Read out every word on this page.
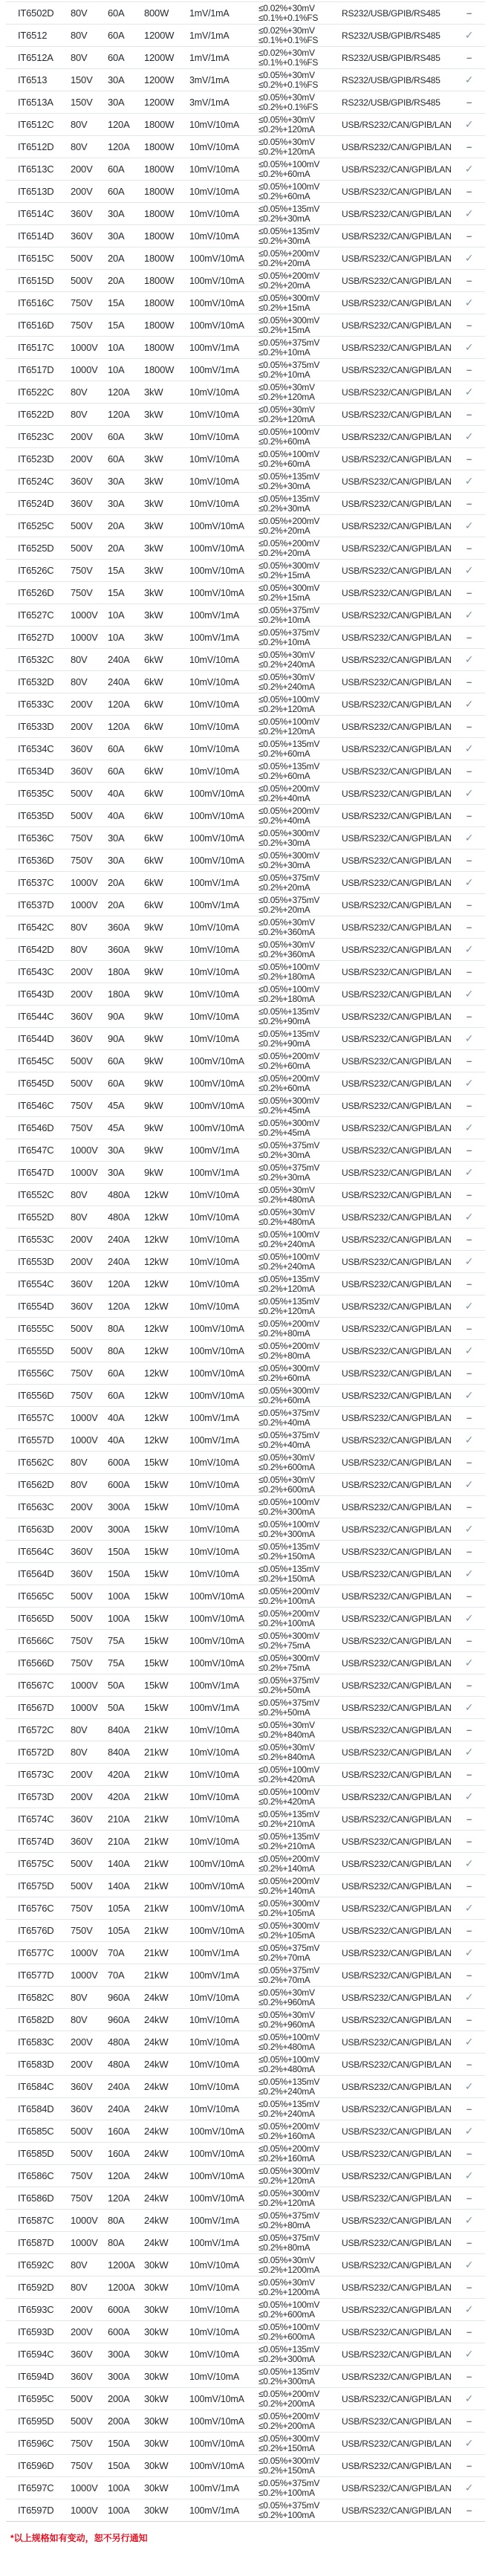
IT6502D	80V	60A	800W	1mV/1mA	≤0.02%+30mV
≤0.1%+0.1%FS	RS232/USB/GPIB/RS485	–
IT6512	80V	60A	1200W	1mV/1mA	≤0.02%+30mV
≤0.1%+0.1%FS	RS232/USB/GPIB/RS485	✓
IT6512A	80V	60A	1200W	1mV/1mA	≤0.02%+30mV
≤0.1%+0.1%FS	RS232/USB/GPIB/RS485	–
IT6513	150V	30A	1200W	3mV/1mA	≤0.05%+30mV
≤0.2%+0.1%FS	RS232/USB/GPIB/RS485	✓
IT6513A	150V	30A	1200W	3mV/1mA	≤0.05%+30mV
≤0.2%+0.1%FS	RS232/USB/GPIB/RS485	–
IT6512C	80V	120A	1800W	10mV/10mA	≤0.05%+30mV
≤0.2%+120mA	USB/RS232/CAN/GPIB/LAN	✓
IT6512D	80V	120A	1800W	10mV/10mA	≤0.05%+30mV
≤0.2%+120mA	USB/RS232/CAN/GPIB/LAN	–
IT6513C	200V	60A	1800W	10mV/10mA	≤0.05%+100mV
≤0.2%+60mA	USB/RS232/CAN/GPIB/LAN	✓
IT6513D	200V	60A	1800W	10mV/10mA	≤0.05%+100mV
≤0.2%+60mA	USB/RS232/CAN/GPIB/LAN	–
IT6514C	360V	30A	1800W	10mV/10mA	≤0.05%+135mV
≤0.2%+30mA	USB/RS232/CAN/GPIB/LAN	✓
IT6514D	360V	30A	1800W	10mV/10mA	≤0.05%+135mV
≤0.2%+30mA	USB/RS232/CAN/GPIB/LAN	–
IT6515C	500V	20A	1800W	100mV/10mA	≤0.05%+200mV
≤0.2%+20mA	USB/RS232/CAN/GPIB/LAN	✓
IT6515D	500V	20A	1800W	100mV/10mA	≤0.05%+200mV
≤0.2%+20mA	USB/RS232/CAN/GPIB/LAN	–
IT6516C	750V	15A	1800W	100mV/10mA	≤0.05%+300mV
≤0.2%+15mA	USB/RS232/CAN/GPIB/LAN	✓
IT6516D	750V	15A	1800W	100mV/10mA	≤0.05%+300mV
≤0.2%+15mA	USB/RS232/CAN/GPIB/LAN	–
IT6517C	1000V	10A	1800W	100mV/1mA	≤0.05%+375mV
≤0.2%+10mA	USB/RS232/CAN/GPIB/LAN	✓
IT6517D	1000V	10A	1800W	100mV/1mA	≤0.05%+375mV
≤0.2%+10mA	USB/RS232/CAN/GPIB/LAN	–
IT6522C	80V	120A	3kW	10mV/10mA	≤0.05%+30mV
≤0.2%+120mA	USB/RS232/CAN/GPIB/LAN	✓
IT6522D	80V	120A	3kW	10mV/10mA	≤0.05%+30mV
≤0.2%+120mA	USB/RS232/CAN/GPIB/LAN	–
IT6523C	200V	60A	3kW	10mV/10mA	≤0.05%+100mV
≤0.2%+60mA	USB/RS232/CAN/GPIB/LAN	✓
IT6523D	200V	60A	3kW	10mV/10mA	≤0.05%+100mV
≤0.2%+60mA	USB/RS232/CAN/GPIB/LAN	–
IT6524C	360V	30A	3kW	10mV/10mA	≤0.05%+135mV
≤0.2%+30mA	USB/RS232/CAN/GPIB/LAN	✓
IT6524D	360V	30A	3kW	10mV/10mA	≤0.05%+135mV
≤0.2%+30mA	USB/RS232/CAN/GPIB/LAN	–
IT6525C	500V	20A	3kW	100mV/10mA	≤0.05%+200mV
≤0.2%+20mA	USB/RS232/CAN/GPIB/LAN	✓
IT6525D	500V	20A	3kW	100mV/10mA	≤0.05%+200mV
≤0.2%+20mA	USB/RS232/CAN/GPIB/LAN	–
IT6526C	750V	15A	3kW	100mV/10mA	≤0.05%+300mV
≤0.2%+15mA	USB/RS232/CAN/GPIB/LAN	✓
IT6526D	750V	15A	3kW	100mV/10mA	≤0.05%+300mV
≤0.2%+15mA	USB/RS232/CAN/GPIB/LAN	–
IT6527C	1000V	10A	3kW	100mV/1mA	≤0.05%+375mV
≤0.2%+10mA	USB/RS232/CAN/GPIB/LAN	✓
IT6527D	1000V	10A	3kW	100mV/1mA	≤0.05%+375mV
≤0.2%+10mA	USB/RS232/CAN/GPIB/LAN	–
IT6532C	80V	240A	6kW	10mV/10mA	≤0.05%+30mV
≤0.2%+240mA	USB/RS232/CAN/GPIB/LAN	✓
IT6532D	80V	240A	6kW	10mV/10mA	≤0.05%+30mV
≤0.2%+240mA	USB/RS232/CAN/GPIB/LAN	–
IT6533C	200V	120A	6kW	10mV/10mA	≤0.05%+100mV
≤0.2%+120mA	USB/RS232/CAN/GPIB/LAN	✓
IT6533D	200V	120A	6kW	10mV/10mA	≤0.05%+100mV
≤0.2%+120mA	USB/RS232/CAN/GPIB/LAN	–
IT6534C	360V	60A	6kW	10mV/10mA	≤0.05%+135mV
≤0.2%+60mA	USB/RS232/CAN/GPIB/LAN	✓
IT6534D	360V	60A	6kW	10mV/10mA	≤0.05%+135mV
≤0.2%+60mA	USB/RS232/CAN/GPIB/LAN	–
IT6535C	500V	40A	6kW	100mV/10mA	≤0.05%+200mV
≤0.2%+40mA	USB/RS232/CAN/GPIB/LAN	✓
IT6535D	500V	40A	6kW	100mV/10mA	≤0.05%+200mV
≤0.2%+40mA	USB/RS232/CAN/GPIB/LAN	–
IT6536C	750V	30A	6kW	100mV/10mA	≤0.05%+300mV
≤0.2%+30mA	USB/RS232/CAN/GPIB/LAN	✓
IT6536D	750V	30A	6kW	100mV/10mA	≤0.05%+300mV
≤0.2%+30mA	USB/RS232/CAN/GPIB/LAN	–
IT6537C	1000V	20A	6kW	100mV/1mA	≤0.05%+375mV
≤0.2%+20mA	USB/RS232/CAN/GPIB/LAN	✓
IT6537D	1000V	20A	6kW	100mV/1mA	≤0.05%+375mV
≤0.2%+20mA	USB/RS232/CAN/GPIB/LAN	–
IT6542C	80V	360A	9kW	10mV/10mA	≤0.05%+30mV
≤0.2%+360mA	USB/RS232/CAN/GPIB/LAN	–
IT6542D	80V	360A	9kW	10mV/10mA	≤0.05%+30mV
≤0.2%+360mA	USB/RS232/CAN/GPIB/LAN	✓
IT6543C	200V	180A	9kW	10mV/10mA	≤0.05%+100mV
≤0.2%+180mA	USB/RS232/CAN/GPIB/LAN	–
IT6543D	200V	180A	9kW	10mV/10mA	≤0.05%+100mV
≤0.2%+180mA	USB/RS232/CAN/GPIB/LAN	✓
IT6544C	360V	90A	9kW	10mV/10mA	≤0.05%+135mV
≤0.2%+90mA	USB/RS232/CAN/GPIB/LAN	–
IT6544D	360V	90A	9kW	10mV/10mA	≤0.05%+135mV
≤0.2%+90mA	USB/RS232/CAN/GPIB/LAN	✓
IT6545C	500V	60A	9kW	100mV/10mA	≤0.05%+200mV
≤0.2%+60mA	USB/RS232/CAN/GPIB/LAN	–
IT6545D	500V	60A	9kW	100mV/10mA	≤0.05%+200mV
≤0.2%+60mA	USB/RS232/CAN/GPIB/LAN	✓
IT6546C	750V	45A	9kW	100mV/10mA	≤0.05%+300mV
≤0.2%+45mA	USB/RS232/CAN/GPIB/LAN	–
IT6546D	750V	45A	9kW	100mV/10mA	≤0.05%+300mV
≤0.2%+45mA	USB/RS232/CAN/GPIB/LAN	✓
IT6547C	1000V	30A	9kW	100mV/1mA	≤0.05%+375mV
≤0.2%+30mA	USB/RS232/CAN/GPIB/LAN	–
IT6547D	1000V	30A	9kW	100mV/1mA	≤0.05%+375mV
≤0.2%+30mA	USB/RS232/CAN/GPIB/LAN	✓
IT6552C	80V	480A	12kW	10mV/10mA	≤0.05%+30mV
≤0.2%+480mA	USB/RS232/CAN/GPIB/LAN	–
IT6552D	80V	480A	12kW	10mV/10mA	≤0.05%+30mV
≤0.2%+480mA	USB/RS232/CAN/GPIB/LAN	✓
IT6553C	200V	240A	12kW	10mV/10mA	≤0.05%+100mV
≤0.2%+240mA	USB/RS232/CAN/GPIB/LAN	–
IT6553D	200V	240A	12kW	10mV/10mA	≤0.05%+100mV
≤0.2%+240mA	USB/RS232/CAN/GPIB/LAN	✓
IT6554C	360V	120A	12kW	10mV/10mA	≤0.05%+135mV
≤0.2%+120mA	USB/RS232/CAN/GPIB/LAN	–
IT6554D	360V	120A	12kW	10mV/10mA	≤0.05%+135mV
≤0.2%+120mA	USB/RS232/CAN/GPIB/LAN	✓
IT6555C	500V	80A	12kW	100mV/10mA	≤0.05%+200mV
≤0.2%+80mA	USB/RS232/CAN/GPIB/LAN	–
IT6555D	500V	80A	12kW	100mV/10mA	≤0.05%+200mV
≤0.2%+80mA	USB/RS232/CAN/GPIB/LAN	✓
IT6556C	750V	60A	12kW	100mV/10mA	≤0.05%+300mV
≤0.2%+60mA	USB/RS232/CAN/GPIB/LAN	–
IT6556D	750V	60A	12kW	100mV/10mA	≤0.05%+300mV
≤0.2%+60mA	USB/RS232/CAN/GPIB/LAN	✓
IT6557C	1000V	40A	12kW	100mV/1mA	≤0.05%+375mV
≤0.2%+40mA	USB/RS232/CAN/GPIB/LAN	–
IT6557D	1000V	40A	12kW	100mV/1mA	≤0.05%+375mV
≤0.2%+40mA	USB/RS232/CAN/GPIB/LAN	✓
IT6562C	80V	600A	15kW	10mV/10mA	≤0.05%+30mV
≤0.2%+600mA	USB/RS232/CAN/GPIB/LAN	–
IT6562D	80V	600A	15kW	10mV/10mA	≤0.05%+30mV
≤0.2%+600mA	USB/RS232/CAN/GPIB/LAN	✓
IT6563C	200V	300A	15kW	10mV/10mA	≤0.05%+100mV
≤0.2%+300mA	USB/RS232/CAN/GPIB/LAN	–
IT6563D	200V	300A	15kW	10mV/10mA	≤0.05%+100mV
≤0.2%+300mA	USB/RS232/CAN/GPIB/LAN	✓
IT6564C	360V	150A	15kW	10mV/10mA	≤0.05%+135mV
≤0.2%+150mA	USB/RS232/CAN/GPIB/LAN	–
IT6564D	360V	150A	15kW	10mV/10mA	≤0.05%+135mV
≤0.2%+150mA	USB/RS232/CAN/GPIB/LAN	✓
IT6565C	500V	100A	15kW	100mV/10mA	≤0.05%+200mV
≤0.2%+100mA	USB/RS232/CAN/GPIB/LAN	–
IT6565D	500V	100A	15kW	100mV/10mA	≤0.05%+200mV
≤0.2%+100mA	USB/RS232/CAN/GPIB/LAN	✓
IT6566C	750V	75A	15kW	100mV/10mA	≤0.05%+300mV
≤0.2%+75mA	USB/RS232/CAN/GPIB/LAN	–
IT6566D	750V	75A	15kW	100mV/10mA	≤0.05%+300mV
≤0.2%+75mA	USB/RS232/CAN/GPIB/LAN	✓
IT6567C	1000V	50A	15kW	100mV/1mA	≤0.05%+375mV
≤0.2%+50mA	USB/RS232/CAN/GPIB/LAN	–
IT6567D	1000V	50A	15kW	100mV/1mA	≤0.05%+375mV
≤0.2%+50mA	USB/RS232/CAN/GPIB/LAN	✓
IT6572C	80V	840A	21kW	10mV/10mA	≤0.05%+30mV
≤0.2%+840mA	USB/RS232/CAN/GPIB/LAN	–
IT6572D	80V	840A	21kW	10mV/10mA	≤0.05%+30mV
≤0.2%+840mA	USB/RS232/CAN/GPIB/LAN	✓
IT6573C	200V	420A	21kW	10mV/10mA	≤0.05%+100mV
≤0.2%+420mA	USB/RS232/CAN/GPIB/LAN	–
IT6573D	200V	420A	21kW	10mV/10mA	≤0.05%+100mV
≤0.2%+420mA	USB/RS232/CAN/GPIB/LAN	✓
IT6574C	360V	210A	21kW	10mV/10mA	≤0.05%+135mV
≤0.2%+210mA	USB/RS232/CAN/GPIB/LAN	–
IT6574D	360V	210A	21kW	10mV/10mA	≤0.05%+135mV
≤0.2%+210mA	USB/RS232/CAN/GPIB/LAN	–
IT6575C	500V	140A	21kW	100mV/10mA	≤0.05%+200mV
≤0.2%+140mA	USB/RS232/CAN/GPIB/LAN	✓
IT6575D	500V	140A	21kW	100mV/10mA	≤0.05%+200mV
≤0.2%+140mA	USB/RS232/CAN/GPIB/LAN	–
IT6576C	750V	105A	21kW	100mV/10mA	≤0.05%+300mV
≤0.2%+105mA	USB/RS232/CAN/GPIB/LAN	✓
IT6576D	750V	105A	21kW	100mV/10mA	≤0.05%+300mV
≤0.2%+105mA	USB/RS232/CAN/GPIB/LAN	–
IT6577C	1000V	70A	21kW	100mV/1mA	≤0.05%+375mV
≤0.2%+70mA	USB/RS232/CAN/GPIB/LAN	✓
IT6577D	1000V	70A	21kW	100mV/1mA	≤0.05%+375mV
≤0.2%+70mA	USB/RS232/CAN/GPIB/LAN	–
IT6582C	80V	960A	24kW	10mV/10mA	≤0.05%+30mV
≤0.2%+960mA	USB/RS232/CAN/GPIB/LAN	✓
IT6582D	80V	960A	24kW	10mV/10mA	≤0.05%+30mV
≤0.2%+960mA	USB/RS232/CAN/GPIB/LAN	–
IT6583C	200V	480A	24kW	10mV/10mA	≤0.05%+100mV
≤0.2%+480mA	USB/RS232/CAN/GPIB/LAN	✓
IT6583D	200V	480A	24kW	10mV/10mA	≤0.05%+100mV
≤0.2%+480mA	USB/RS232/CAN/GPIB/LAN	–
IT6584C	360V	240A	24kW	10mV/10mA	≤0.05%+135mV
≤0.2%+240mA	USB/RS232/CAN/GPIB/LAN	✓
IT6584D	360V	240A	24kW	10mV/10mA	≤0.05%+135mV
≤0.2%+240mA	USB/RS232/CAN/GPIB/LAN	–
IT6585C	500V	160A	24kW	100mV/10mA	≤0.05%+200mV
≤0.2%+160mA	USB/RS232/CAN/GPIB/LAN	✓
IT6585D	500V	160A	24kW	100mV/10mA	≤0.05%+200mV
≤0.2%+160mA	USB/RS232/CAN/GPIB/LAN	–
IT6586C	750V	120A	24kW	100mV/10mA	≤0.05%+300mV
≤0.2%+120mA	USB/RS232/CAN/GPIB/LAN	✓
IT6586D	750V	120A	24kW	100mV/10mA	≤0.05%+300mV
≤0.2%+120mA	USB/RS232/CAN/GPIB/LAN	–
IT6587C	1000V	80A	24kW	100mV/1mA	≤0.05%+375mV
≤0.2%+80mA	USB/RS232/CAN/GPIB/LAN	✓
IT6587D	1000V	80A	24kW	100mV/1mA	≤0.05%+375mV
≤0.2%+80mA	USB/RS232/CAN/GPIB/LAN	–
IT6592C	80V	1200A 30kW	10mV/10mA	≤0.05%+30mV
≤0.2%+1200mA	USB/RS232/CAN/GPIB/LAN	✓
IT6592D	80V	1200A 30kW	10mV/10mA	≤0.05%+30mV
≤0.2%+1200mA	USB/RS232/CAN/GPIB/LAN	–
IT6593C	200V	600A	30kW	10mV/10mA	≤0.05%+100mV
≤0.2%+600mA	USB/RS232/CAN/GPIB/LAN	✓
IT6593D	200V	600A	30kW	10mV/10mA	≤0.05%+100mV
≤0.2%+600mA	USB/RS232/CAN/GPIB/LAN	–
IT6594C	360V	300A	30kW	10mV/10mA	≤0.05%+135mV
≤0.2%+300mA	USB/RS232/CAN/GPIB/LAN	✓
IT6594D	360V	300A	30kW	10mV/10mA	≤0.05%+135mV
≤0.2%+300mA	USB/RS232/CAN/GPIB/LAN	–
IT6595C	500V	200A	30kW	100mV/10mA	≤0.05%+200mV
≤0.2%+200mA	USB/RS232/CAN/GPIB/LAN	✓
IT6595D	500V	200A	30kW	100mV/10mA	≤0.05%+200mV
≤0.2%+200mA	USB/RS232/CAN/GPIB/LAN	–
IT6596C	750V	150A	30kW	100mV/10mA	≤0.05%+300mV
≤0.2%+150mA	USB/RS232/CAN/GPIB/LAN	✓
IT6596D	750V	150A	30kW	100mV/10mA	≤0.05%+300mV
≤0.2%+150mA	USB/RS232/CAN/GPIB/LAN	–
IT6597C	1000V	100A	30kW	100mV/1mA	≤0.05%+375mV
≤0.2%+100mA	USB/RS232/CAN/GPIB/LAN	✓
IT6597D	1000V	100A	30kW	100mV/1mA	≤0.05%+375mV
≤0.2%+100mA	USB/RS232/CAN/GPIB/LAN	–
*以上规格如有变动，恕不另行通知
